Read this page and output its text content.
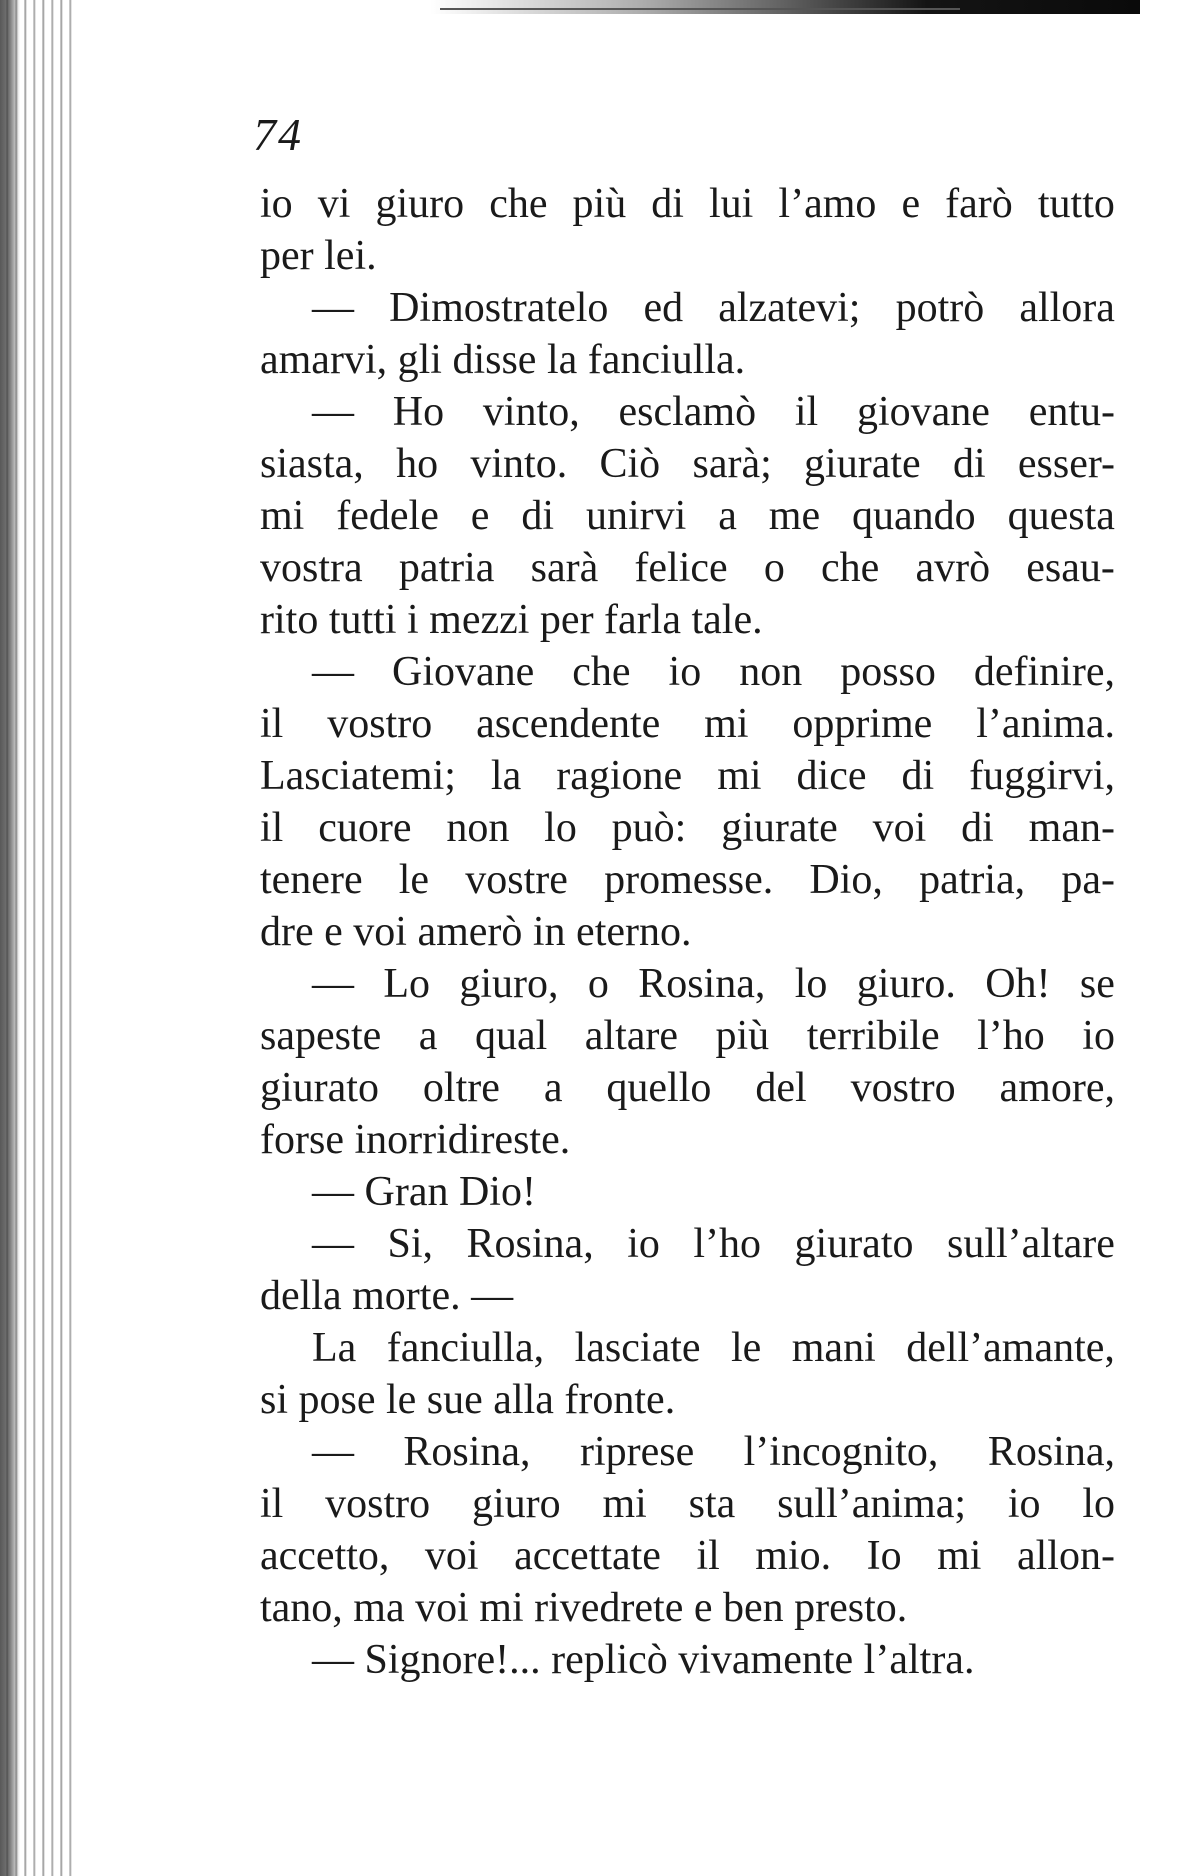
74
io vi giuro che più di lui l’amo e farò tutto
per lei.
— Dimostratelo ed alzatevi; potrò allora
amarvi, gli disse la fanciulla.
— Ho vinto, esclamò il giovane entu-
siasta, ho vinto. Ciò sarà; giurate di esser-
mi fedele e di unirvi a me quando questa
vostra patria sarà felice o che avrò esau-
rito tutti i mezzi per farla tale.
— Giovane che io non posso definire,
il vostro ascendente mi opprime l’anima.
Lasciatemi; la ragione mi dice di fuggirvi,
il cuore non lo può: giurate voi di man-
tenere le vostre promesse. Dio, patria, pa-
dre e voi amerò in eterno.
— Lo giuro, o Rosina, lo giuro. Oh! se
sapeste a qual altare più terribile l’ho io
giurato oltre a quello del vostro amore,
forse inorridireste.
— Gran Dio!
— Si, Rosina, io l’ho giurato sull’altare
della morte. —
La fanciulla, lasciate le mani dell’amante,
si pose le sue alla fronte.
— Rosina, riprese l’incognito, Rosina,
il vostro giuro mi sta sull’anima; io lo
accetto, voi accettate il mio. Io mi allon-
tano, ma voi mi rivedrete e ben presto.
— Signore!... replicò vivamente l’altra.
